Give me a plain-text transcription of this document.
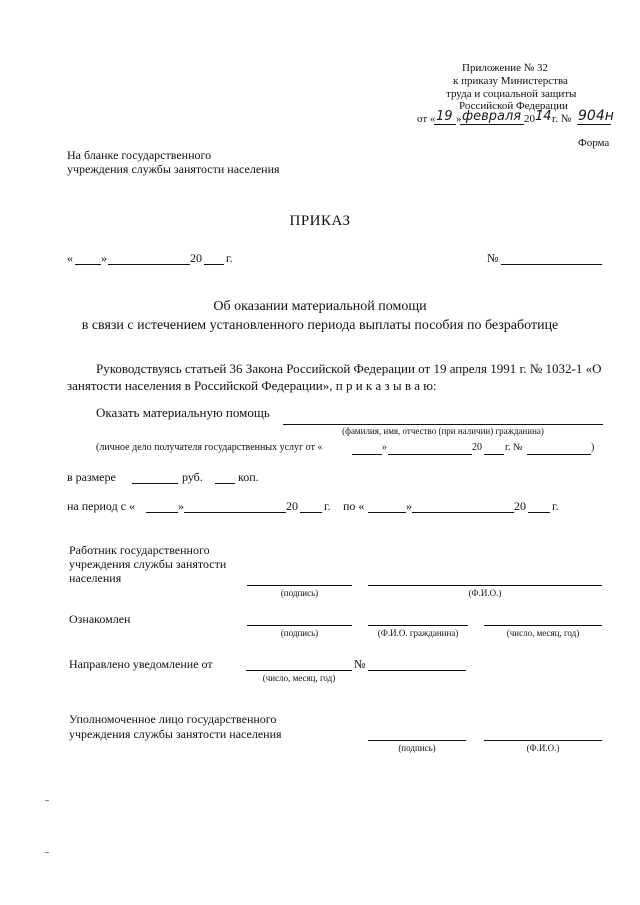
Приложение № 32
к приказу Министерства
труда и социальной защиты
Российской Федерации
от « 19 » февраля 20 14 г. № 904н
Форма
На бланке государственного
учреждения службы занятости населения
ПРИКАЗ
« »	20 г.	№
Об оказании материальной помощи
в связи с истечением установленного периода выплаты пособия по безработице
Руководствуясь статьей 36 Закона Российской Федерации от 19 апреля 1991 г. № 1032-1 «О
занятости населения в Российской Федерации», п р и к а з ы в а ю:
Оказать материальную помощь
(фамилия, имя, отчество (при наличии) гражданина)
(личное дело получателя государственных услуг от «	»	20 г. №	)
в размере	руб.	коп.
на период с «	»	20 г. по «	»	20 г.
Работник государственного
учреждения службы занятости
населения
(подпись)	(Ф.И.О.)
Ознакомлен
(подпись)	(Ф.И.О. гражданина)	(число, месяц, год)
Направлено уведомление от
(число, месяц, год)
№
Уполномоченное лицо государственного
учреждения службы занятости населения
(подпись)	(Ф.И.О.)
